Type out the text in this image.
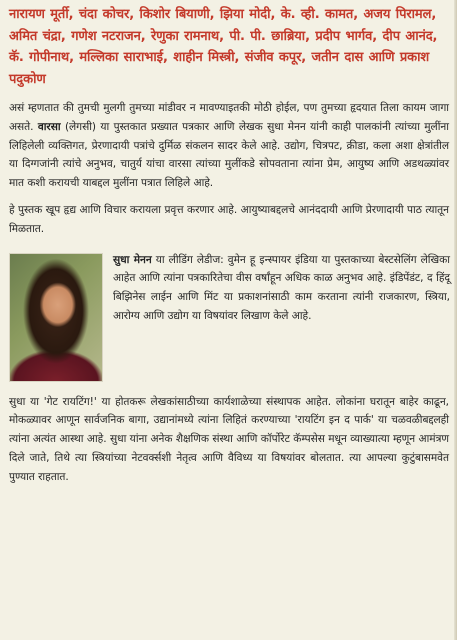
नारायण मूर्ती, चंदा कोचर, किशोर बियाणी, झिया मोदी, के. व्ही. कामत, अजय पिरामल, अमित चंद्रा, गणेश नटराजन, रेणुका रामनाथ, पी. पी. छाब्रिया, प्रदीप भार्गव, दीप आनंद, कॅ. गोपीनाथ, मल्लिका साराभाई, शाहीन मिस्त्री, संजीव कपूर, जतीन दास आणि प्रकाश पदुकोण

असं म्हणतात की तुमची मुलगी तुमच्या मांडीवर न मावण्याइतकी मोठी होईल, पण तुमच्या हृदयात तिला कायम जागा असते. वारसा (लेगसी) या पुस्तकात प्रख्यात पत्रकार आणि लेखक सुधा मेनन यांनी काही पालकांनी त्यांच्या मुलींना लिहिलेली व्यक्तिगत, प्रेरणादायी पत्रांचे दुर्मिळ संकलन सादर केले आहे. उद्योग, चित्रपट, क्रीडा, कला अशा क्षेत्रांतील या दिग्गजांनी त्यांचे अनुभव, चातुर्य यांचा वारसा त्यांच्या मुलींकडे सोपवताना त्यांना प्रेम, आयुष्य आणि अडथळ्यांवर मात कशी करायची याबद्दल मुलींना पत्रात लिहिले आहे.

हे पुस्तक खूप हृद्य आणि विचार करायला प्रवृत्त करणार आहे. आयुष्याबद्दलचे आनंददायी आणि प्रेरणादायी पाठ त्यातून मिळतात.

सुधा मेनन या लीडिंग लेडीज: वुमेन हू इन्स्पायर इंडिया या पुस्तकाच्या बेस्टसेलिंग लेखिका आहेत आणि त्यांना पत्रकारितेचा वीस वर्षांहून अधिक काळ अनुभव आहे. इंडिपेंडंट, द हिंदू बिझिनेस लाईन आणि मिंट या प्रकाशनांसाठी काम करताना त्यांनी राजकारण, स्त्रिया, आरोग्य आणि उद्योग या विषयांवर लिखाण केले आहे.

सुधा या 'गेट रायटिंग!' या होतकरू लेखकांसाठीच्या कार्यशाळेच्या संस्थापक आहेत. लोकांना घरातून बाहेर काढून, मोकळ्यावर आणून सार्वजनिक बागा, उद्यानांमध्ये त्यांना लिहितं करण्याच्या 'रायटिंग इन द पार्क' या चळवळीबद्दलही त्यांना अत्यंत आस्था आहे. सुधा यांना अनेक शैक्षणिक संस्था आणि कॉर्पोरेट कॅम्पसेस मधून व्याख्यात्या म्हणून आमंत्रण दिले जाते, तिथे त्या स्त्रियांच्या नेटवर्क्सशी नेतृत्व आणि वैविध्य या विषयांवर बोलतात. त्या आपल्या कुटुंबासमवेत पुण्यात राहतात.
